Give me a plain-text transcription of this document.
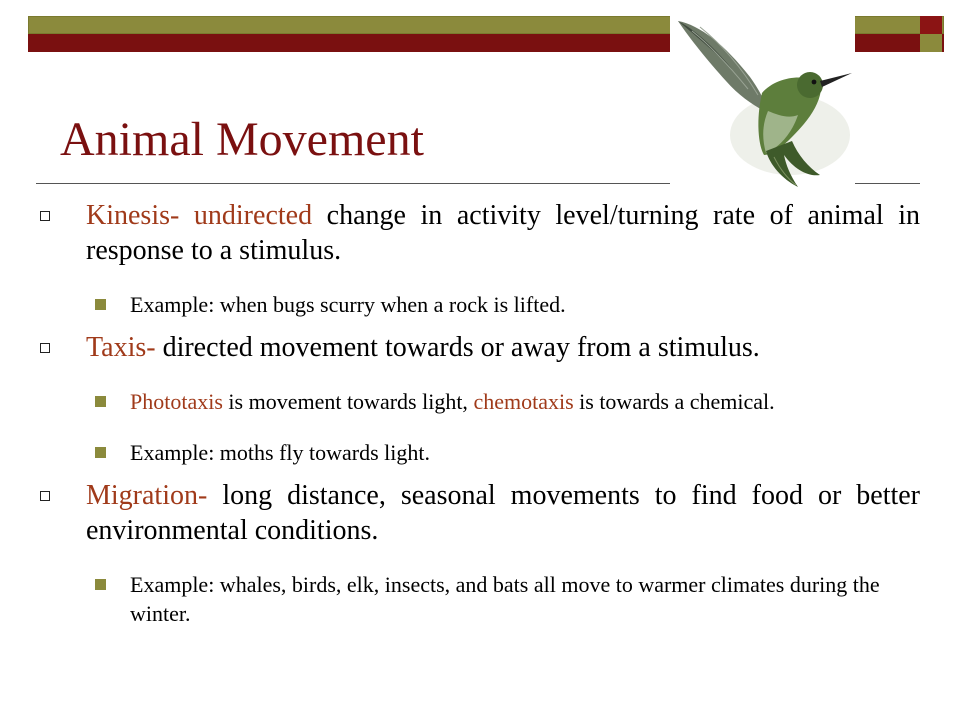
Animal Movement

Kinesis- undirected change in activity level/turning rate of animal in response to a stimulus.

Example: when bugs scurry when a rock is lifted.

Taxis- directed movement towards or away from a stimulus.

Phototaxis is movement towards light, chemotaxis is towards a chemical.

Example: moths fly towards light.

Migration- long distance, seasonal movements to find food or better environmental conditions.

Example: whales, birds, elk, insects, and bats all move to warmer climates during the winter.
